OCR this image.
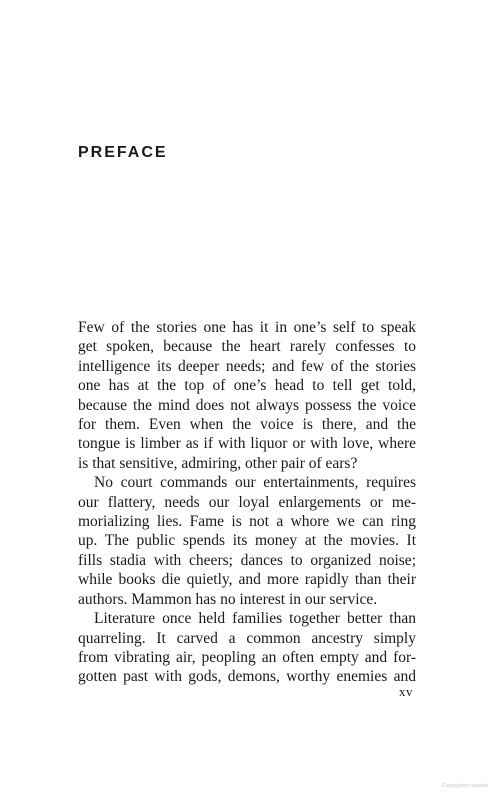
PREFACE
Few of the stories one has it in one’s self to speak
get spoken, because the heart rarely confesses to
intelligence its deeper needs; and few of the stories
one has at the top of one’s head to tell get told,
because the mind does not always possess the voice
for them. Even when the voice is there, and the
tongue is limber as if with liquor or with love, where
is that sensitive, admiring, other pair of ears?
No court commands our entertainments, requires
our flattery, needs our loyal enlargements or me-
morializing lies. Fame is not a whore we can ring
up. The public spends its money at the movies. It
fills stadia with cheers; dances to organized noise;
while books die quietly, and more rapidly than their
authors. Mammon has no interest in our service.
Literature once held families together better than
quarreling. It carved a common ancestry simply
from vibrating air, peopling an often empty and for-
gotten past with gods, demons, worthy enemies and
xv
Copyrighted material
